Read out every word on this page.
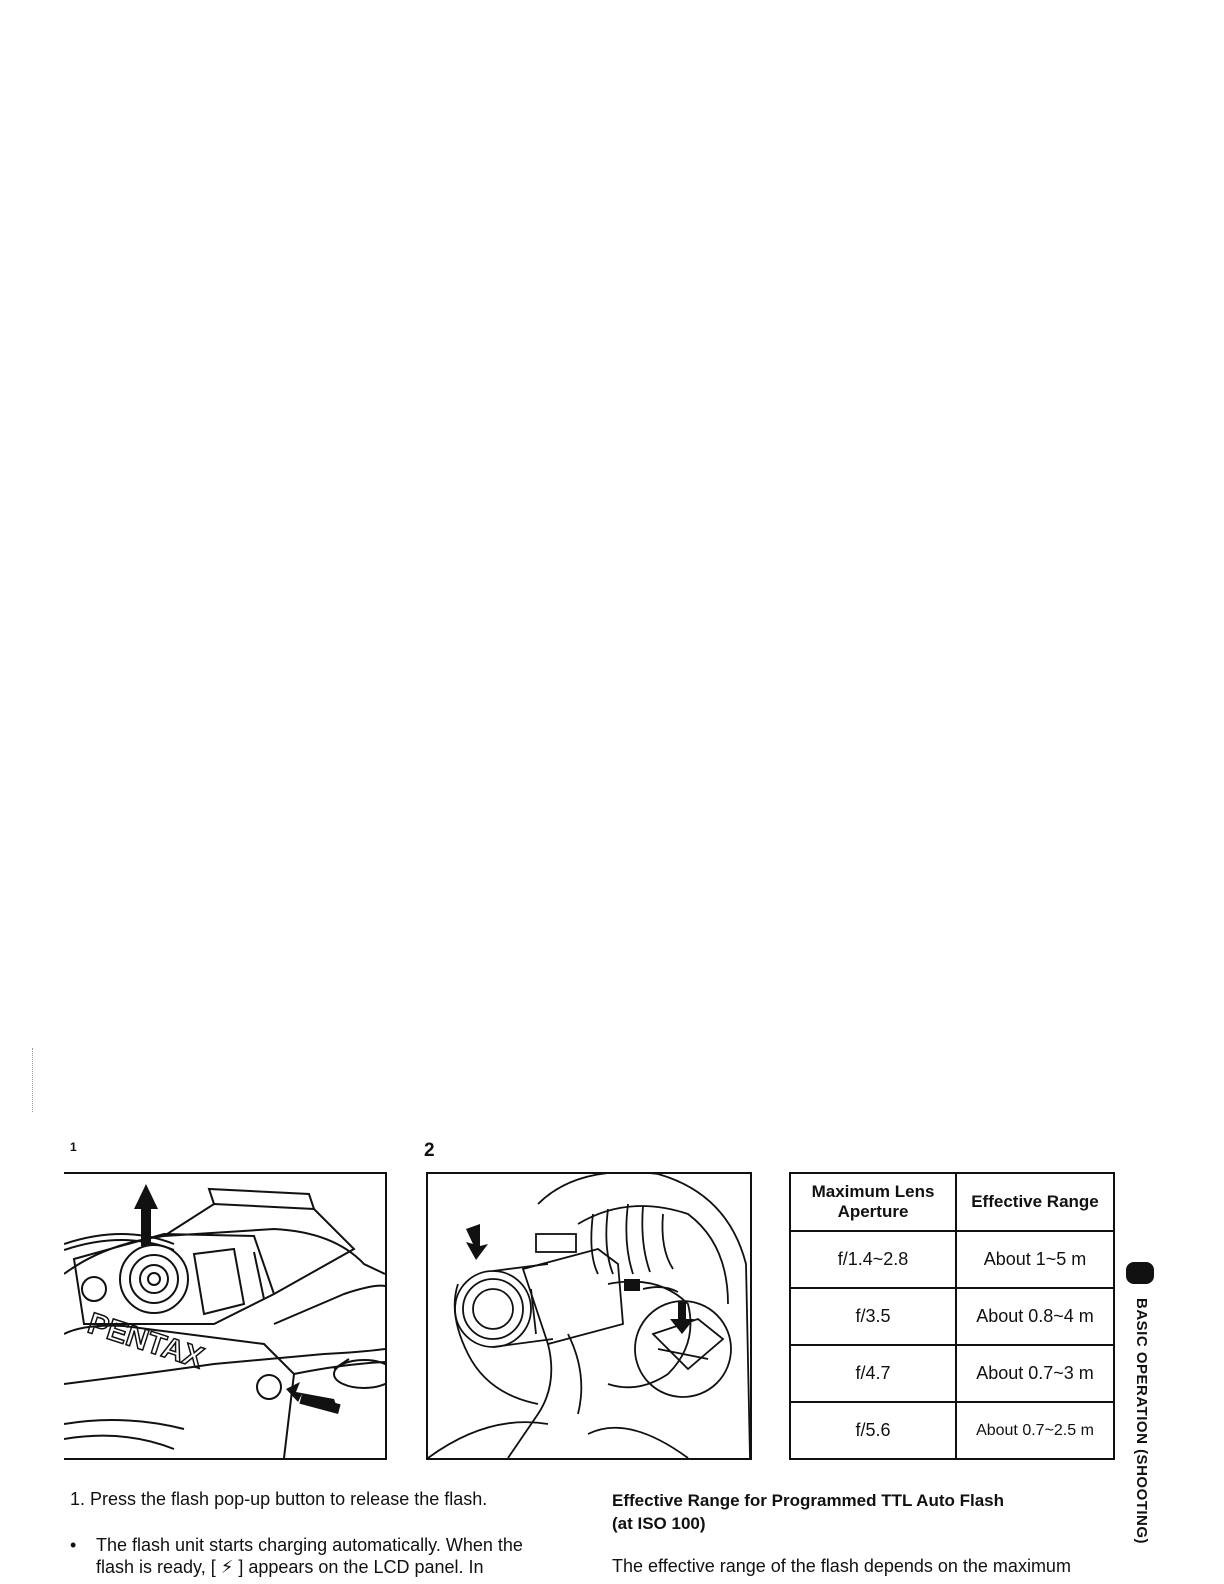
1	2
PENTAX
Maximum Lens Aperture	Effective Range
f/1.4~2.8	About 1~5 m
f/3.5	About 0.8~4 m
f/4.7	About 0.7~3 m
f/5.6	About 0.7~2.5 m	BASIC OPERATION (SHOOTING)
1. Press the flash pop-up button to release the flash.
• The flash unit starts charging automatically. When the
flash is ready, [ ⚡ ] appears on the LCD panel. In
Effective Range for Programmed TTL Auto Flash
(at ISO 100)
The effective range of the flash depends on the maximum
